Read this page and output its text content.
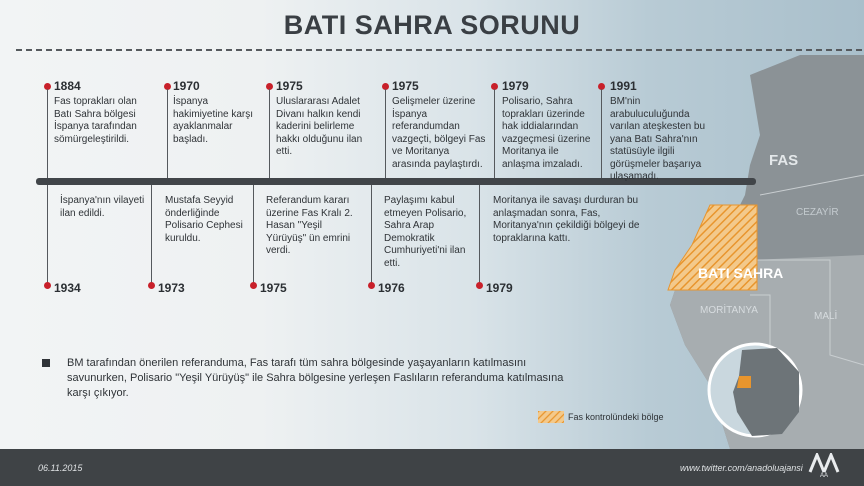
BATI SAHRA SORUNU
FAS
CEZAYİR
BATI SAHRA
MORİTANYA
MALİ
Fas kontrolündeki bölge
1884
Fas toprakları olan Batı Sahra bölgesi İspanya tarafından sömürgeleştirildi.
1970
İspanya hakimiyetine karşı ayaklanmalar başladı.
1975
Uluslararası Adalet Divanı halkın kendi kaderini belirleme hakkı olduğunu ilan etti.
1975
Gelişmeler üzerine İspanya referandumdan vazgeçti, bölgeyi Fas ve Moritanya arasında paylaştırdı.
1979
Polisario, Sahra toprakları üzerinde hak iddialarından vazgeçmesi üzerine Moritanya ile anlaşma imzaladı.
1991
BM'nin arabuluculuğunda varılan ateşkesten bu yana Batı Sahra'nın statüsüyle ilgili görüşmeler başarıya ulaşamadı.
1934
İspanya'nın vilayeti ilan edildi.
1973
Mustafa Seyyid önderliğinde Polisario Cephesi kuruldu.
1975
Referandum kararı üzerine Fas Kralı 2. Hasan "Yeşil Yürüyüş" ün emrini verdi.
1976
Paylaşımı kabul etmeyen Polisario, Sahra Arap Demokratik Cumhuriyeti'ni ilan etti.
1979
Moritanya ile savaşı durduran bu anlaşmadan sonra, Fas, Moritanya'nın çekildiği bölgeyi de topraklarına kattı.
BM tarafından önerilen referanduma, Fas tarafı tüm sahra bölgesinde yaşayanların katılmasını
savunurken, Polisario "Yeşil Yürüyüş" ile Sahra bölgesine yerleşen Faslıların referanduma katılmasına
karşı çıkıyor.
06.11.2015	www.twitter.com/anadoluajansi
AA
